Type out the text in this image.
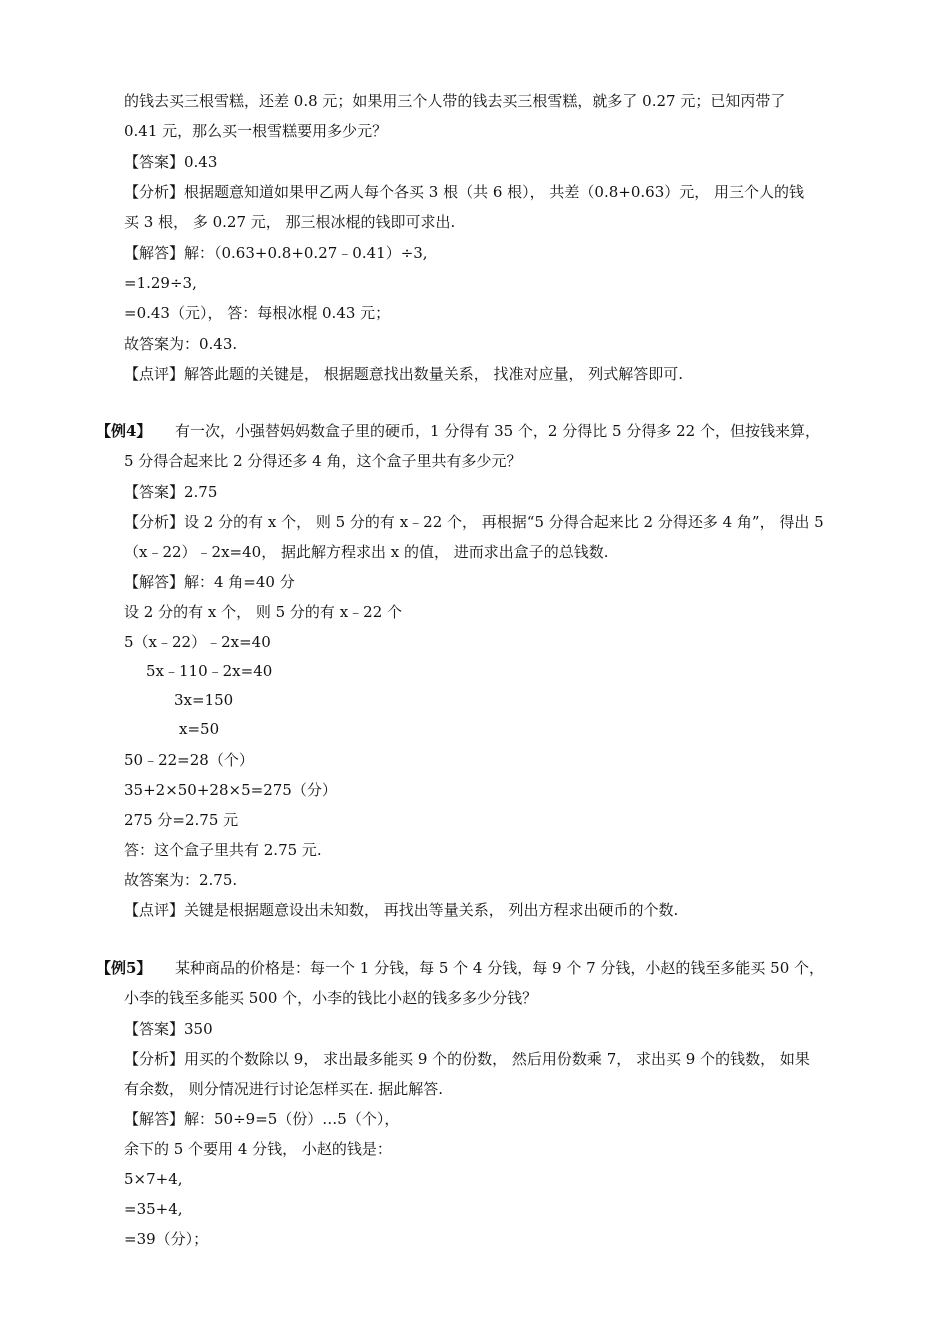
的钱去买三根雪糕，还差 0.8 元；如果用三个人带的钱去买三根雪糕，就多了 0.27 元；已知丙带了
0.41 元，那么买一根雪糕要用多少元？
【答案】0.43
【分析】根据题意知道如果甲乙两人每个各买 3 根（共 6 根）， 共差（0.8+0.63）元， 用三个人的钱
买 3 根， 多 0.27 元， 那三根冰棍的钱即可求出.
【解答】解：（0.63+0.8+0.27﹣0.41）÷3,
=1.29÷3,
=0.43（元）， 答：每根冰棍 0.43 元；
故答案为：0.43.
【点评】解答此题的关键是， 根据题意找出数量关系， 找准对应量， 列式解答即可.
【例4】 有一次，小强替妈妈数盒子里的硬币，1 分得有 35 个，2 分得比 5 分得多 22 个，但按钱来算，
5 分得合起来比 2 分得还多 4 角，这个盒子里共有多少元？
【答案】2.75
【分析】设 2 分的有 x 个， 则 5 分的有 x﹣22 个， 再根据“5 分得合起来比 2 分得还多 4 角”， 得出 5
（x﹣22）﹣2x=40， 据此解方程求出 x 的值， 进而求出盒子的总钱数.
【解答】解：4 角=40 分
设 2 分的有 x 个， 则 5 分的有 x﹣22 个
5（x﹣22）﹣2x=40
5x﹣110﹣2x=40
3x=150
x=50
50﹣22=28（个）
35+2×50+28×5=275（分）
275 分=2.75 元
答：这个盒子里共有 2.75 元.
故答案为：2.75.
【点评】关键是根据题意设出未知数， 再找出等量关系， 列出方程求出硬币的个数.
【例5】 某种商品的价格是：每一个 1 分钱，每 5 个 4 分钱，每 9 个 7 分钱，小赵的钱至多能买 50 个，
小李的钱至多能买 500 个，小李的钱比小赵的钱多多少分钱？
【答案】350
【分析】用买的个数除以 9， 求出最多能买 9 个的份数， 然后用份数乘 7， 求出买 9 个的钱数， 如果
有余数， 则分情况进行讨论怎样买在. 据此解答.
【解答】解：50÷9=5（份）…5（个），
余下的 5 个要用 4 分钱， 小赵的钱是：
5×7+4,
=35+4,
=39（分）；
